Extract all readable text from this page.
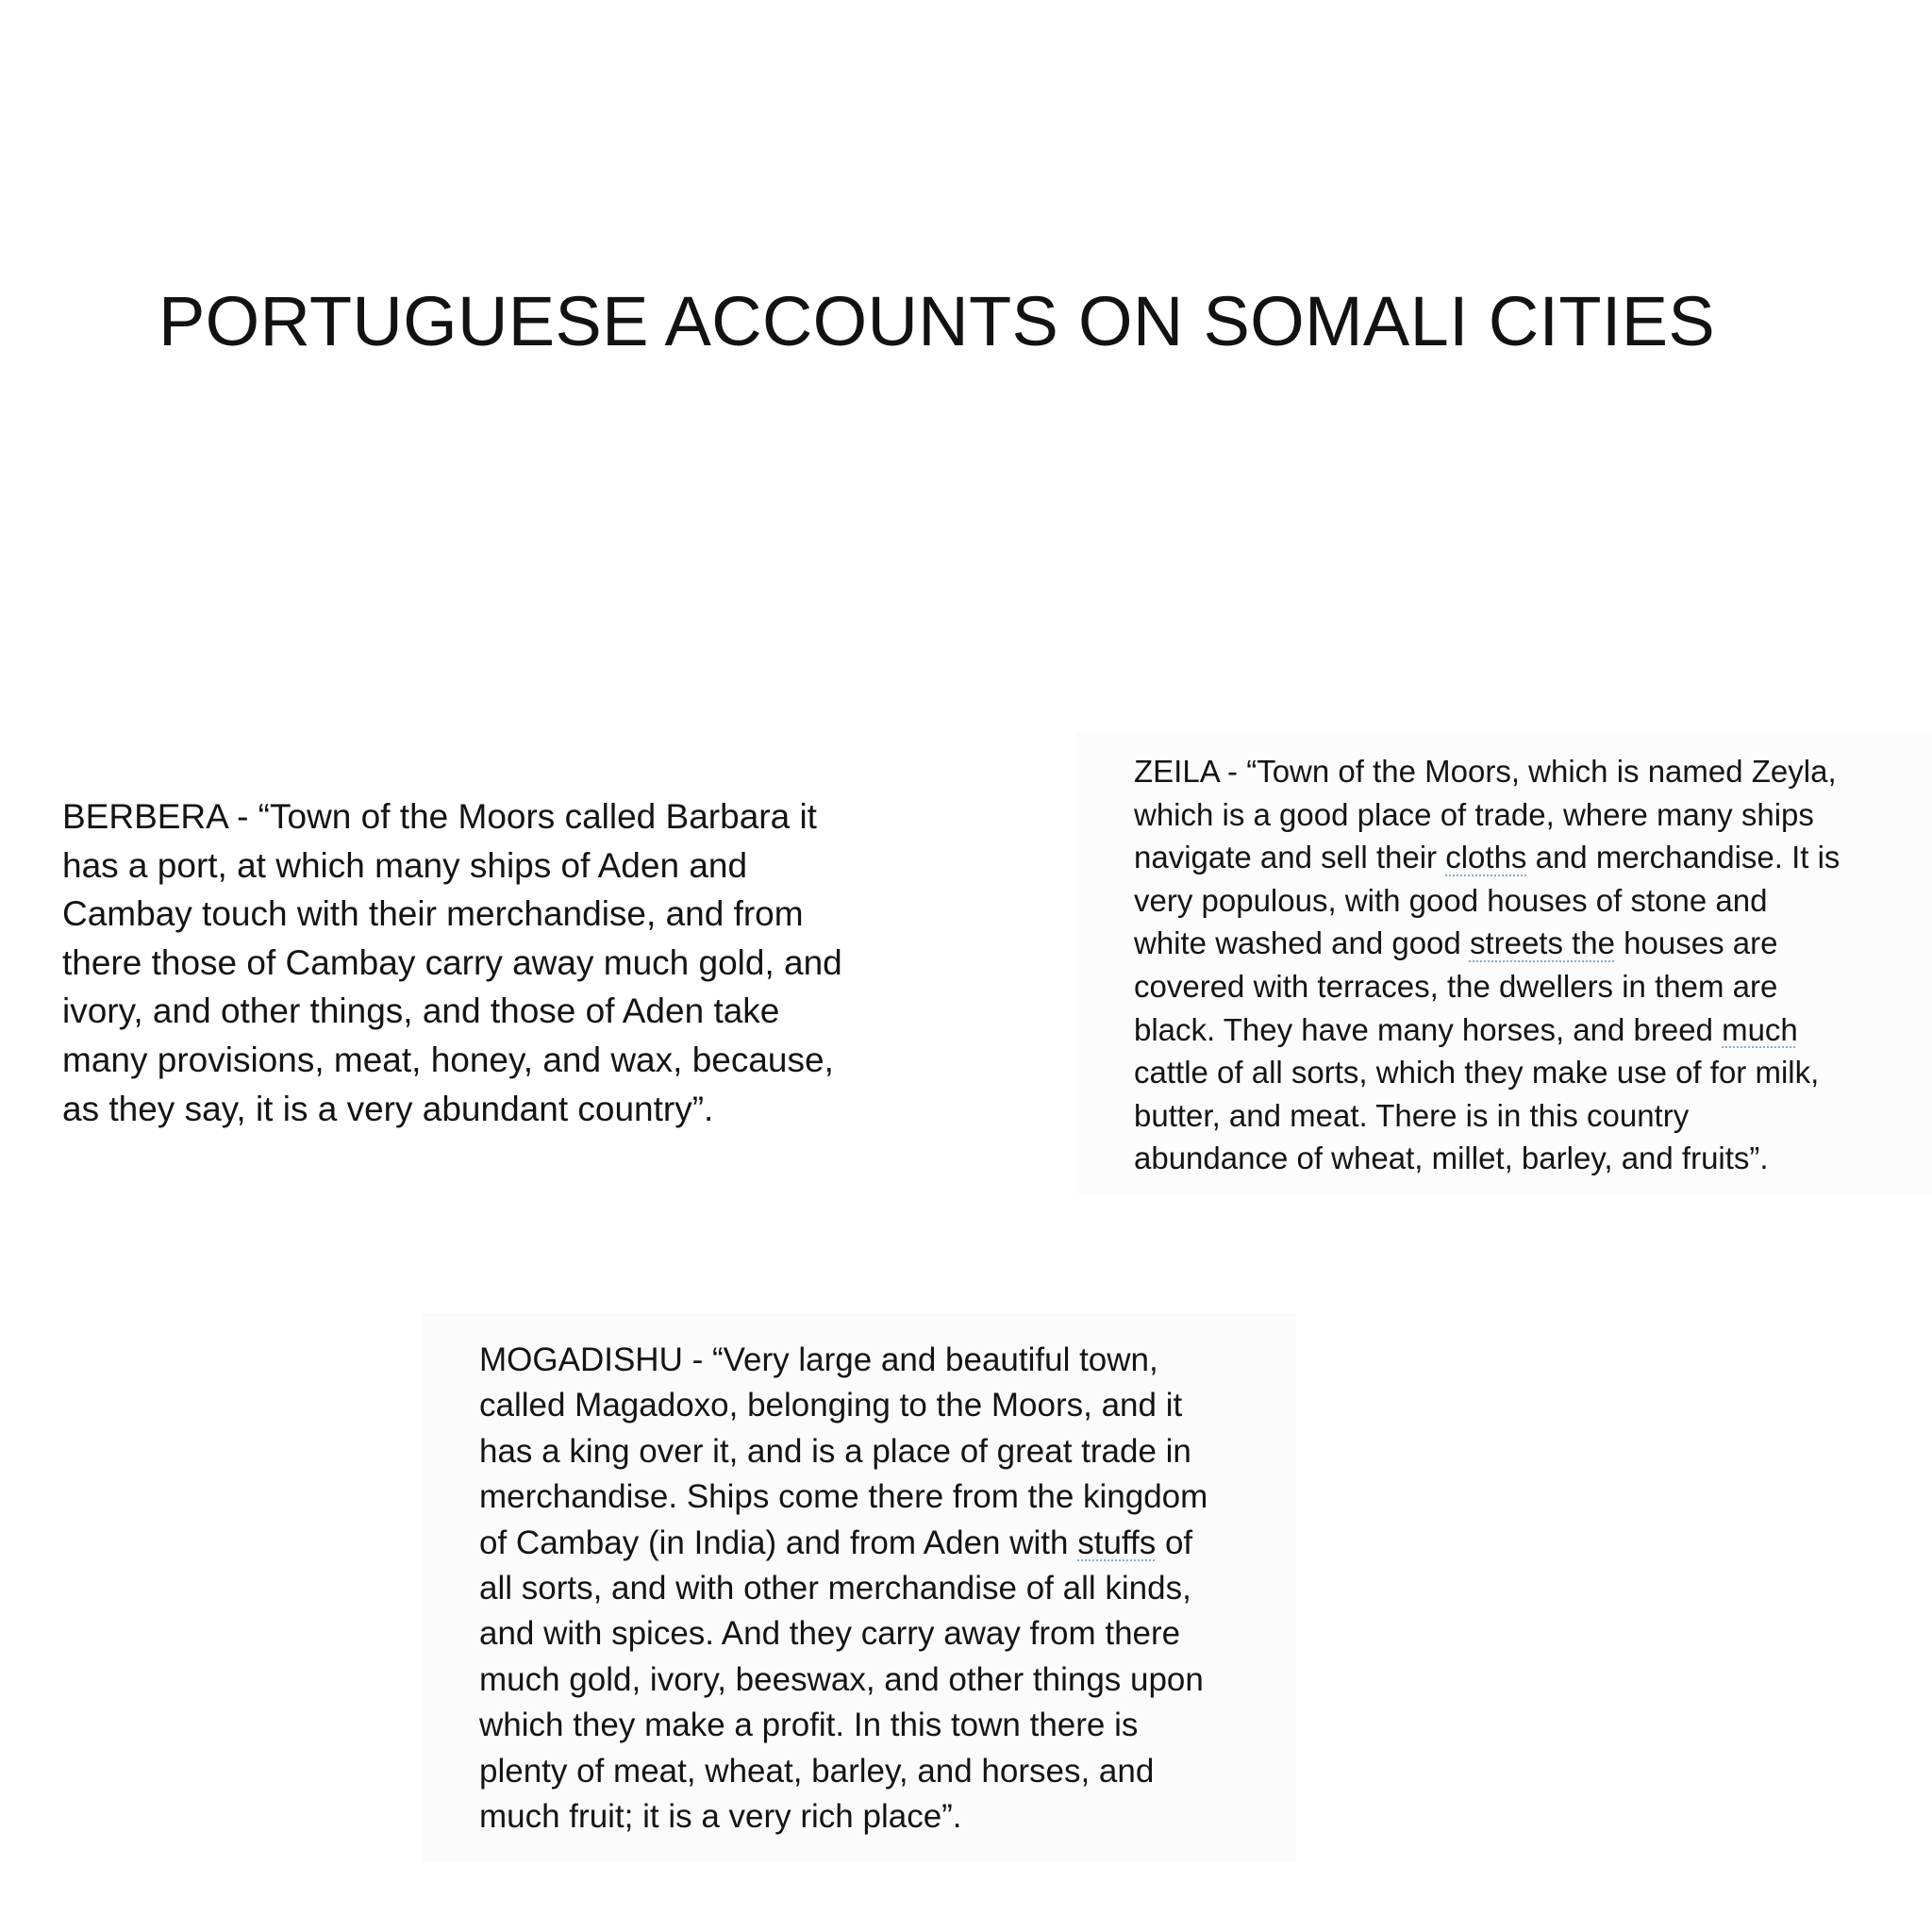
PORTUGUESE ACCOUNTS ON SOMALI CITIES

BERBERA - “Town of the Moors called Barbara it

has a port, at which many ships of Aden and

Cambay touch with their merchandise, and from

there those of Cambay carry away much gold, and

ivory, and other things, and those of Aden take

many provisions, meat, honey, and wax, because,

as they say, it is a very abundant country”.

ZEILA - “Town of the Moors, which is named Zeyla,

which is a good place of trade, where many ships

navigate and sell their cloths and merchandise. It is

very populous, with good houses of stone and

white washed and good streets the houses are

covered with terraces, the dwellers in them are

black. They have many horses, and breed much

cattle of all sorts, which they make use of for milk,

butter, and meat. There is in this country

abundance of wheat, millet, barley, and fruits”.

MOGADISHU - “Very large and beautiful town,

called Magadoxo, belonging to the Moors, and it

has a king over it, and is a place of great trade in

merchandise. Ships come there from the kingdom

of Cambay (in India) and from Aden with stuffs of

all sorts, and with other merchandise of all kinds,

and with spices. And they carry away from there

much gold, ivory, beeswax, and other things upon

which they make a profit. In this town there is

plenty of meat, wheat, barley, and horses, and

much fruit; it is a very rich place”.
